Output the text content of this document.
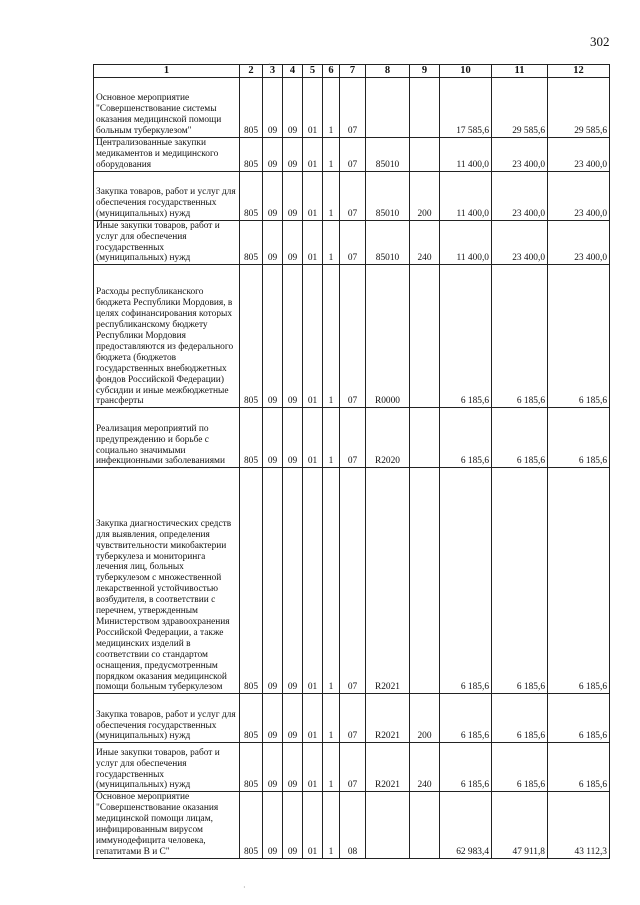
302
1	2	3	4	5	6	7	8	9	10	11	12
Основное мероприятие "Совершенствование системы оказания медицинской помощи больным туберкулезом"	805	09	09	01	1	07			17 585,6	29 585,6	29 585,6
Централизованные закупки медикаментов и медицинского оборудования	805	09	09	01	1	07	85010		11 400,0	23 400,0	23 400,0
Закупка товаров, работ и услуг для обеспечения государственных (муниципальных) нужд	805	09	09	01	1	07	85010	200	11 400,0	23 400,0	23 400,0
Иные закупки товаров, работ и услуг для обеспечения государственных (муниципальных) нужд	805	09	09	01	1	07	85010	240	11 400,0	23 400,0	23 400,0
Расходы республиканского бюджета Республики Мордовия, в целях софинансирования которых республиканскому бюджету Республики Мордовия предоставляются из федерального бюджета (бюджетов государственных внебюджетных фондов Российской Федерации) субсидии и иные межбюджетные трансферты	805	09	09	01	1	07	R0000		6 185,6	6 185,6	6 185,6
Реализация мероприятий по предупреждению и борьбе с социально значимыми инфекционными заболеваниями	805	09	09	01	1	07	R2020		6 185,6	6 185,6	6 185,6
Закупка диагностических средств для выявления, определения чувствительности микобактерии туберкулеза и мониторинга лечения лиц, больных туберкулезом с множественной лекарственной устойчивостью возбудителя, в соответствии с перечнем, утвержденным Министерством здравоохранения Российской Федерации, а также медицинских изделий в соответствии со стандартом оснащения, предусмотренным порядком оказания медицинской помощи больным туберкулезом	805	09	09	01	1	07	R2021		6 185,6	6 185,6	6 185,6
Закупка товаров, работ и услуг для обеспечения государственных (муниципальных) нужд	805	09	09	01	1	07	R2021	200	6 185,6	6 185,6	6 185,6
Иные закупки товаров, работ и услуг для обеспечения государственных (муниципальных) нужд	805	09	09	01	1	07	R2021	240	6 185,6	6 185,6	6 185,6
Основное мероприятие "Совершенствование оказания медицинской помощи лицам, инфицированным вирусом иммунодефицита человека, гепатитами В и С"	805	09	09	01	1	08			62 983,4	47 911,8	43 112,3
·
·
